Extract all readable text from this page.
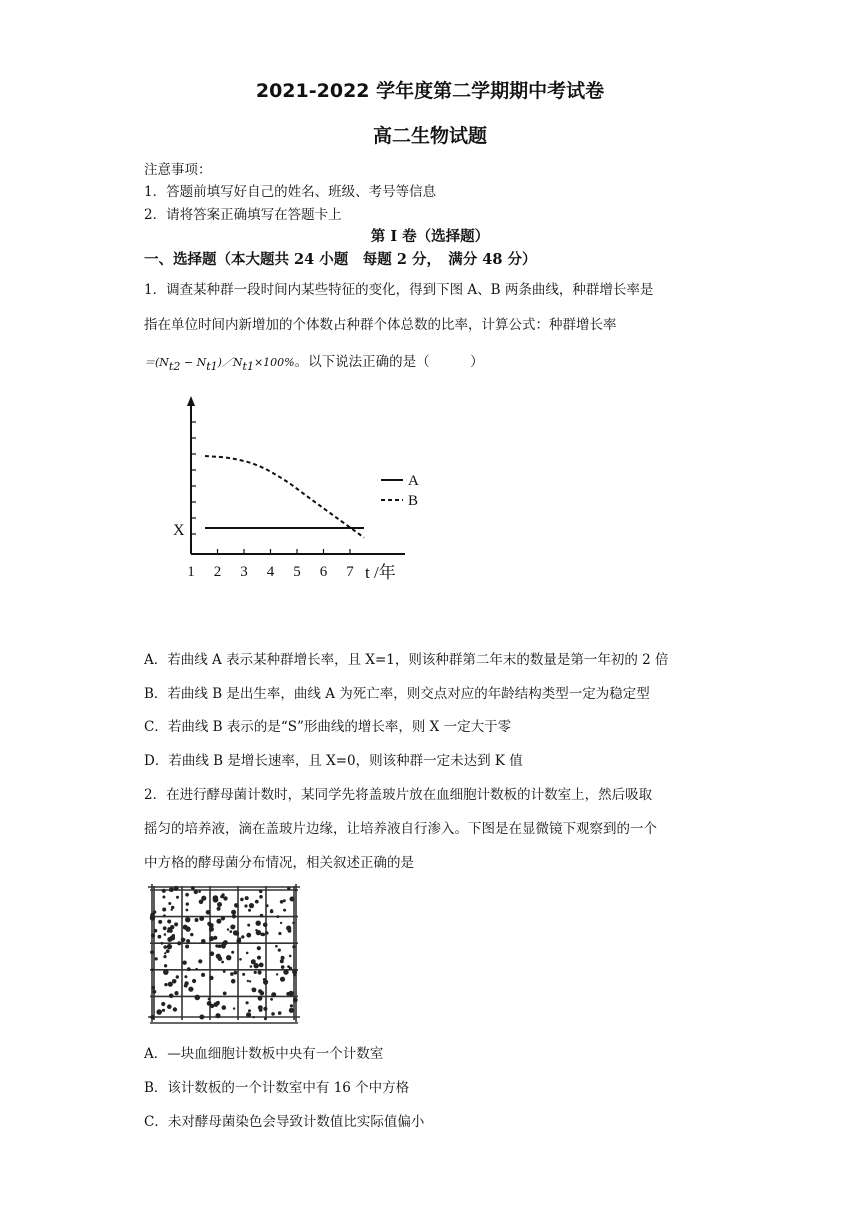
2021-2022 学年度第二学期期中考试卷
高二生物试题
注意事项：
1．答题前填写好自己的姓名、班级、考号等信息
2．请将答案正确填写在答题卡上
第 I 卷（选择题）
一、选择题（本大题共 24 小题　每题 2 分，　满分 48 分）
1．调查某种群一段时间内某些特征的变化，得到下图 A、B 两条曲线，种群增长率是
指在单位时间内新增加的个体数占种群个体总数的比率，计算公式：种群增长率
$=(N_{t2}$ − $N_{t1})/N_{t1}\times 100\%$。以下说法正确的是（　　　）
1 2 3 4 5 6 7 t /年
X
A
B
A．若曲线 A 表示某种群增长率，且 X=1，则该种群第二年末的数量是第一年初的 2 倍
B．若曲线 B 是出生率，曲线 A 为死亡率，则交点对应的年龄结构类型一定为稳定型
C．若曲线 B 表示的是“S”形曲线的增长率，则 X 一定大于零
D．若曲线 B 是增长速率，且 X=0，则该种群一定未达到 K 值
2．在进行酵母菌计数时，某同学先将盖玻片放在血细胞计数板的计数室上，然后吸取
摇匀的培养液，滴在盖玻片边缘，让培养液自行渗入。下图是在显微镜下观察到的一个
中方格的酵母菌分布情况，相关叙述正确的是
A．—块血细胞计数板中央有一个计数室
B．该计数板的一个计数室中有 16 个中方格
C．未对酵母菌染色会导致计数值比实际值偏小
